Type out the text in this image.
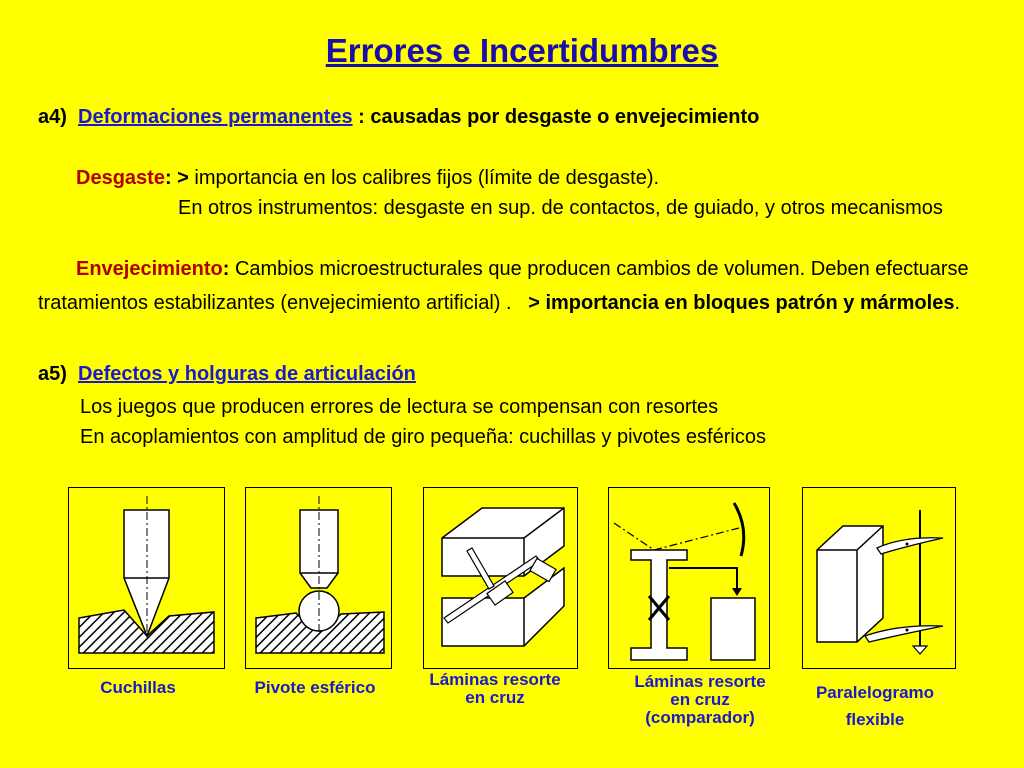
Errores e Incertidumbres
a4) Deformaciones permanentes : causadas por desgaste o envejecimiento
Desgaste: > importancia en los calibres fijos (límite de desgaste).
En otros instrumentos: desgaste en sup. de contactos, de guiado, y otros mecanismos
Envejecimiento: Cambios microestructurales que producen cambios de volumen. Deben efectuarse
tratamientos estabilizantes (envejecimiento artificial) .   > importancia en bloques patrón y mármoles.
a5) Defectos y holguras de articulación
Los juegos que producen errores de lectura se compensan con resortes
En acoplamientos con amplitud de giro pequeña: cuchillas y pivotes esféricos
Cuchillas	Pivote esférico	Láminas resorte
en cruz
Láminas resorte
en cruz
(comparador)
Paralelogramo
flexible
